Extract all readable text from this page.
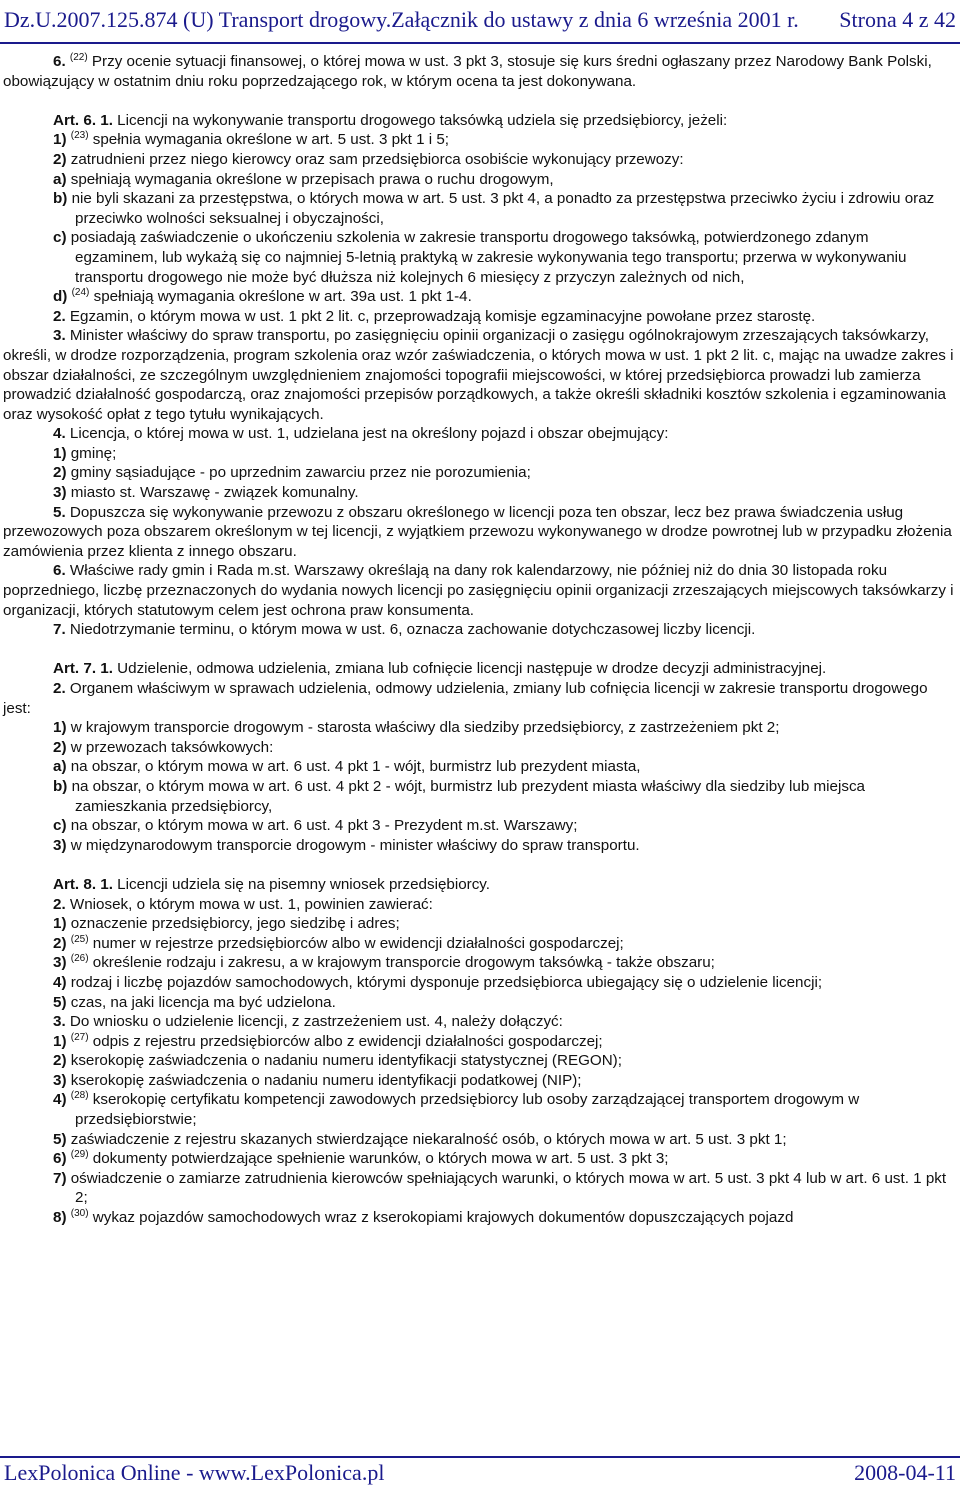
Dz.U.2007.125.874 (U) Transport drogowy.Załącznik do ustawy z dnia 6 września 2001 r. Strona 4 z 42
6. $^{(22)}$ Przy ocenie sytuacji finansowej, o której mowa w ust. 3 pkt 3, stosuje się kurs średni ogłaszany przez Narodowy Bank Polski, obowiązujący w ostatnim dniu roku poprzedzającego rok, w którym ocena ta jest dokonywana.
Art. 6. 1. Licencji na wykonywanie transportu drogowego taksówką udziela się przedsiębiorcy, jeżeli:
1) $^{(23)}$ spełnia wymagania określone w art. 5 ust. 3 pkt 1 i 5;
2) zatrudnieni przez niego kierowcy oraz sam przedsiębiorca osobiście wykonujący przewozy:
a) spełniają wymagania określone w przepisach prawa o ruchu drogowym,
b) nie byli skazani za przestępstwa, o których mowa w art. 5 ust. 3 pkt 4, a ponadto za przestępstwa przeciwko życiu i zdrowiu oraz przeciwko wolności seksualnej i obyczajności,
c) posiadają zaświadczenie o ukończeniu szkolenia w zakresie transportu drogowego taksówką, potwierdzonego zdanym egzaminem, lub wykażą się co najmniej 5-letnią praktyką w zakresie wykonywania tego transportu; przerwa w wykonywaniu transportu drogowego nie może być dłuższa niż kolejnych 6 miesięcy z przyczyn zależnych od nich,
d) $^{(24)}$ spełniają wymagania określone w art. 39a ust. 1 pkt 1-4.
2. Egzamin, o którym mowa w ust. 1 pkt 2 lit. c, przeprowadzają komisje egzaminacyjne powołane przez starostę.
3. Minister właściwy do spraw transportu, po zasięgnięciu opinii organizacji o zasięgu ogólnokrajowym zrzeszających taksówkarzy, określi, w drodze rozporządzenia, program szkolenia oraz wzór zaświadczenia, o których mowa w ust. 1 pkt 2 lit. c, mając na uwadze zakres i obszar działalności, ze szczególnym uwzględnieniem znajomości topografii miejscowości, w której przedsiębiorca prowadzi lub zamierza prowadzić działalność gospodarczą, oraz znajomości przepisów porządkowych, a także określi składniki kosztów szkolenia i egzaminowania oraz wysokość opłat z tego tytułu wynikających.
4. Licencja, o której mowa w ust. 1, udzielana jest na określony pojazd i obszar obejmujący:
1) gminę;
2) gminy sąsiadujące - po uprzednim zawarciu przez nie porozumienia;
3) miasto st. Warszawę - związek komunalny.
5. Dopuszcza się wykonywanie przewozu z obszaru określonego w licencji poza ten obszar, lecz bez prawa świadczenia usług przewozowych poza obszarem określonym w tej licencji, z wyjątkiem przewozu wykonywanego w drodze powrotnej lub w przypadku złożenia zamówienia przez klienta z innego obszaru.
6. Właściwe rady gmin i Rada m.st. Warszawy określają na dany rok kalendarzowy, nie później niż do dnia 30 listopada roku poprzedniego, liczbę przeznaczonych do wydania nowych licencji po zasięgnięciu opinii organizacji zrzeszających miejscowych taksówkarzy i organizacji, których statutowym celem jest ochrona praw konsumenta.
7. Niedotrzymanie terminu, o którym mowa w ust. 6, oznacza zachowanie dotychczasowej liczby licencji.
Art. 7. 1. Udzielenie, odmowa udzielenia, zmiana lub cofnięcie licencji następuje w drodze decyzji administracyjnej.
2. Organem właściwym w sprawach udzielenia, odmowy udzielenia, zmiany lub cofnięcia licencji w zakresie transportu drogowego jest:
1) w krajowym transporcie drogowym - starosta właściwy dla siedziby przedsiębiorcy, z zastrzeżeniem pkt 2;
2) w przewozach taksówkowych:
a) na obszar, o którym mowa w art. 6 ust. 4 pkt 1 - wójt, burmistrz lub prezydent miasta,
b) na obszar, o którym mowa w art. 6 ust. 4 pkt 2 - wójt, burmistrz lub prezydent miasta właściwy dla siedziby lub miejsca zamieszkania przedsiębiorcy,
c) na obszar, o którym mowa w art. 6 ust. 4 pkt 3 - Prezydent m.st. Warszawy;
3) w międzynarodowym transporcie drogowym - minister właściwy do spraw transportu.
Art. 8. 1. Licencji udziela się na pisemny wniosek przedsiębiorcy.
2. Wniosek, o którym mowa w ust. 1, powinien zawierać:
1) oznaczenie przedsiębiorcy, jego siedzibę i adres;
2) $^{(25)}$ numer w rejestrze przedsiębiorców albo w ewidencji działalności gospodarczej;
3) $^{(26)}$ określenie rodzaju i zakresu, a w krajowym transporcie drogowym taksówką - także obszaru;
4) rodzaj i liczbę pojazdów samochodowych, którymi dysponuje przedsiębiorca ubiegający się o udzielenie licencji;
5) czas, na jaki licencja ma być udzielona.
3. Do wniosku o udzielenie licencji, z zastrzeżeniem ust. 4, należy dołączyć:
1) $^{(27)}$ odpis z rejestru przedsiębiorców albo z ewidencji działalności gospodarczej;
2) kserokopię zaświadczenia o nadaniu numeru identyfikacji statystycznej (REGON);
3) kserokopię zaświadczenia o nadaniu numeru identyfikacji podatkowej (NIP);
4) $^{(28)}$ kserokopię certyfikatu kompetencji zawodowych przedsiębiorcy lub osoby zarządzającej transportem drogowym w przedsiębiorstwie;
5) zaświadczenie z rejestru skazanych stwierdzające niekaralność osób, o których mowa w art. 5 ust. 3 pkt 1;
6) $^{(29)}$ dokumenty potwierdzające spełnienie warunków, o których mowa w art. 5 ust. 3 pkt 3;
7) oświadczenie o zamiarze zatrudnienia kierowców spełniających warunki, o których mowa w art. 5 ust. 3 pkt 4 lub w art. 6 ust. 1 pkt 2;
8) $^{(30)}$ wykaz pojazdów samochodowych wraz z kserokopiami krajowych dokumentów dopuszczających pojazd
LexPolonica Online - www.LexPolonica.pl	2008-04-11
